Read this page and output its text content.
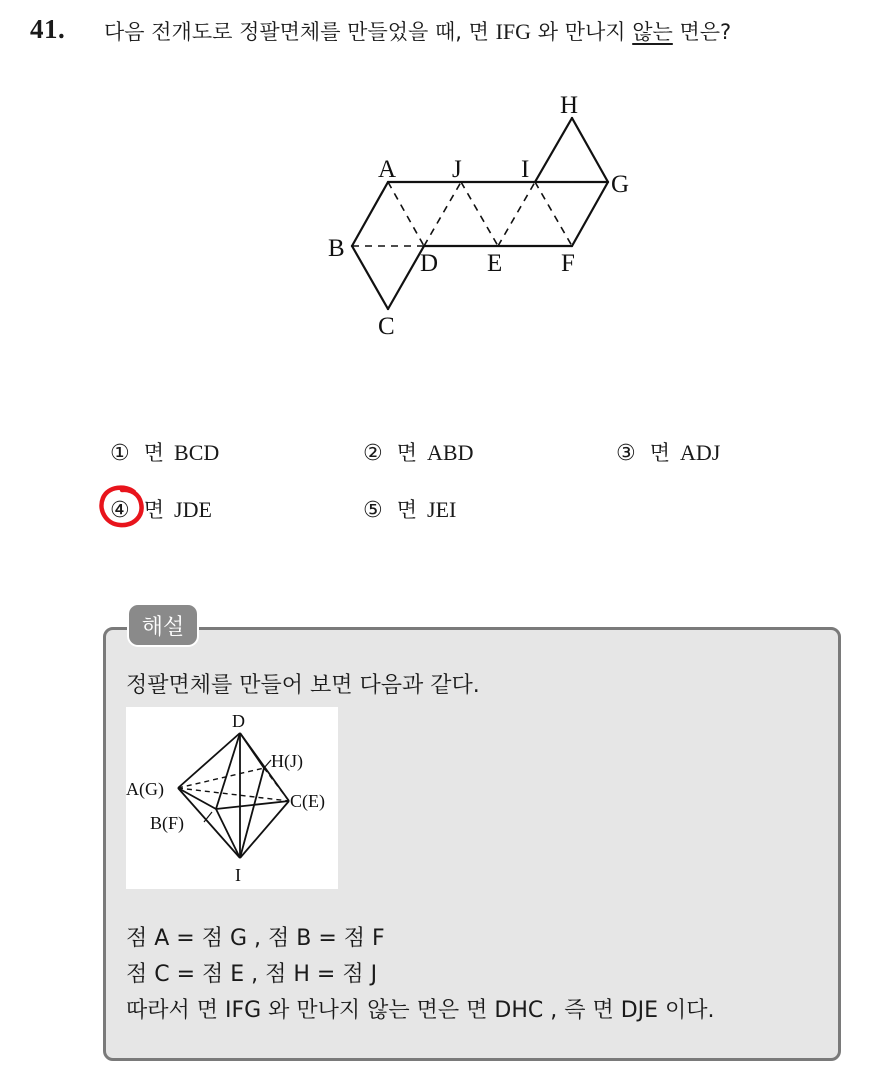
41. 다음 전개도로 정팔면체를 만들었을 때, 면 IFG 와 만나지 않는 면은?
A J I
H
G
B
D E F
C
① 면 BCD	② 면 ABD	③ 면 ADJ
④ 면 JDE	⑤ 면 JEI
해설
정팔면체를 만들어 보면 다음과 같다.
D
H(J)
A(G)
C(E)
B(F)
I
점 A = 점 G , 점 B = 점 F
점 C = 점 E , 점 H = 점 J
따라서 면 IFG 와 만나지 않는 면은 면 DHC , 즉 면 DJE 이다.
